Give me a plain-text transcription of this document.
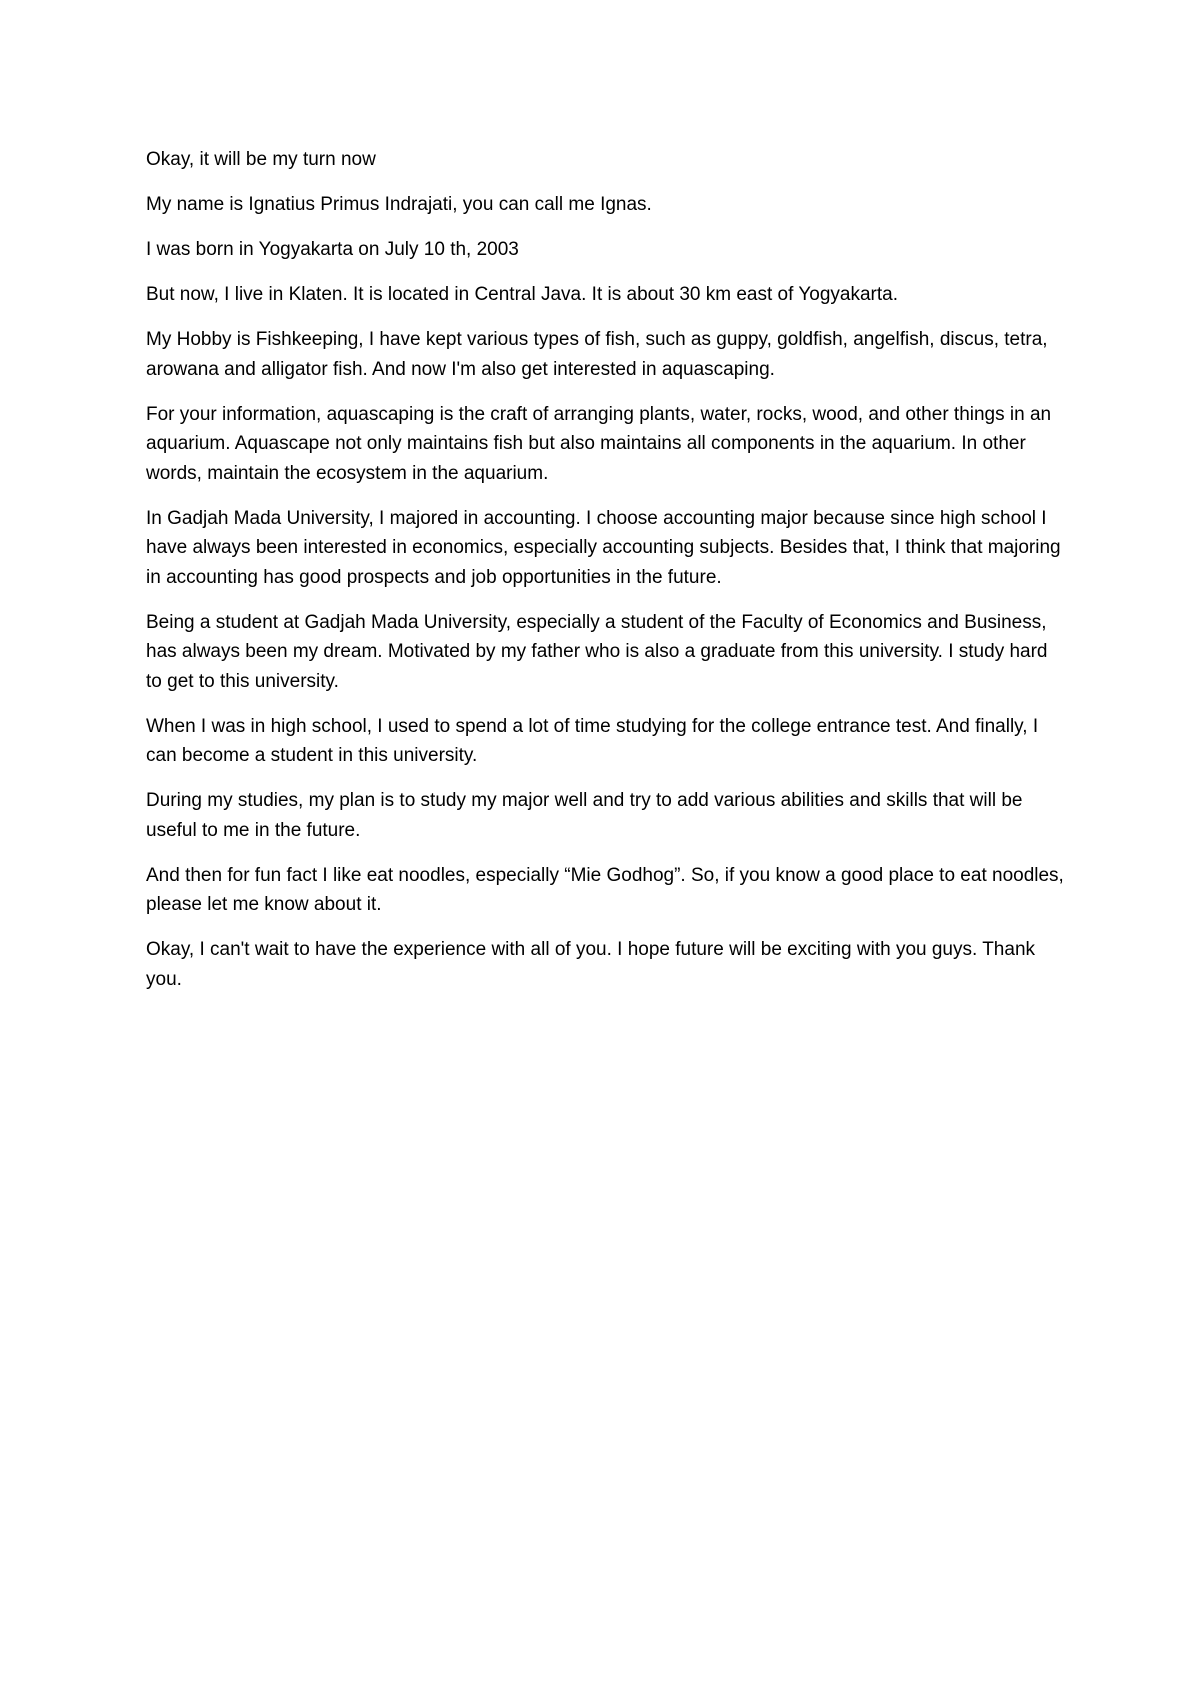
Okay, it will be my turn now

My name is Ignatius Primus Indrajati, you can call me Ignas.

I was born in Yogyakarta on July 10 th, 2003

But now, I live in Klaten. It is located in Central Java. It is about 30 km east of Yogyakarta.

My Hobby is Fishkeeping, I have kept various types of fish, such as guppy, goldfish, angelfish, discus, tetra, arowana and alligator fish. And now I'm also get interested in aquascaping.

For your information, aquascaping is the craft of arranging plants, water, rocks, wood, and other things in an aquarium. Aquascape not only maintains fish but also maintains all components in the aquarium. In other words, maintain the ecosystem in the aquarium.

In Gadjah Mada University, I majored in accounting. I choose accounting major because since high school I have always been interested in economics, especially accounting subjects. Besides that, I think that majoring in accounting has good prospects and job opportunities in the future.

Being a student at Gadjah Mada University, especially a student of the Faculty of Economics and Business, has always been my dream. Motivated by my father who is also a graduate from this university. I study hard to get to this university.

When I was in high school, I used to spend a lot of time studying for the college entrance test. And finally, I can become a student in this university.

During my studies, my plan is to study my major well and try to add various abilities and skills that will be useful to me in the future.

And then for fun fact I like eat noodles, especially “Mie Godhog”. So, if you know a good place to eat noodles, please let me know about it.

Okay, I can't wait to have the experience with all of you. I hope future will be exciting with you guys. Thank you.
